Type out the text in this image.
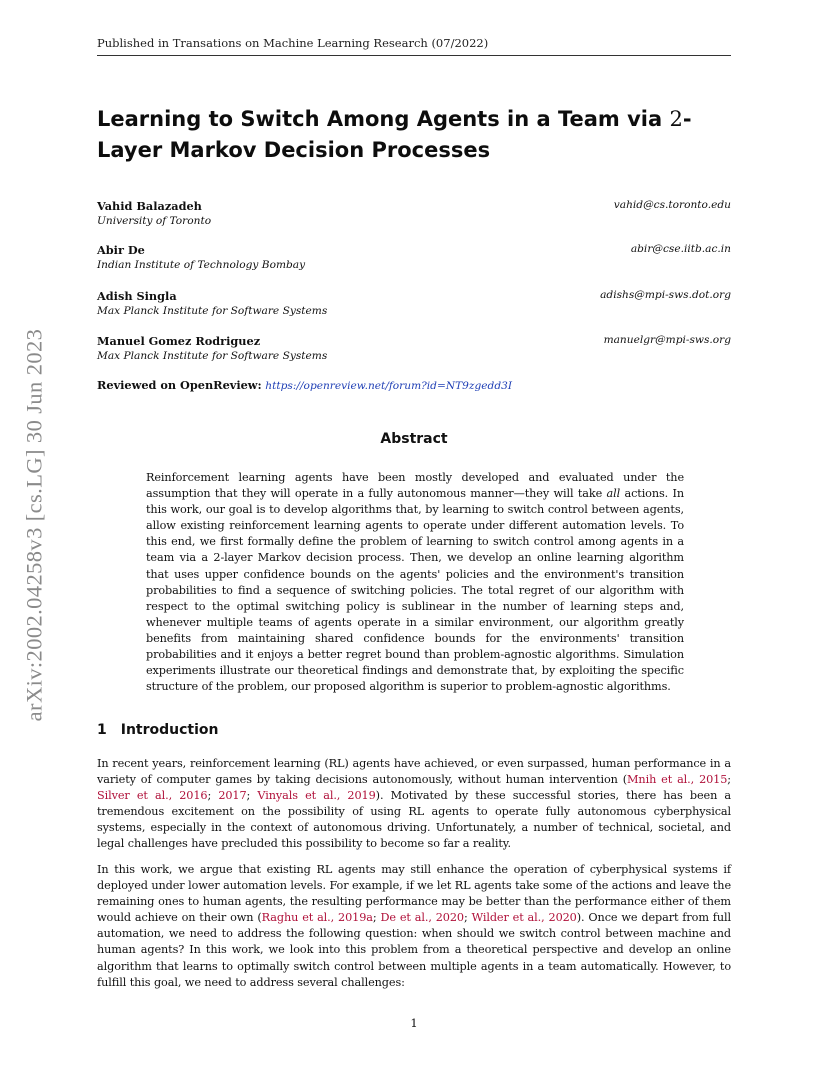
arXiv:2002.04258v3 [cs.LG] 30 Jun 2023
Published in Transations on Machine Learning Research (07/2022)
Learning to Switch Among Agents in a Team via 2-Layer Markov Decision Processes
Vahid Balazadeh
University of Toronto
vahid@cs.toronto.edu
Abir De
Indian Institute of Technology Bombay
abir@cse.iitb.ac.in
Adish Singla
Max Planck Institute for Software Systems
adishs@mpi-sws.dot.org
Manuel Gomez Rodriguez
Max Planck Institute for Software Systems
manuelgr@mpi-sws.org
Reviewed on OpenReview: https://openreview.net/forum?id=NT9zgedd3I
Abstract
Reinforcement learning agents have been mostly developed and evaluated under the assumption that they will operate in a fully autonomous manner—they will take all actions. In this work, our goal is to develop algorithms that, by learning to switch control between agents, allow existing reinforcement learning agents to operate under different automation levels. To this end, we first formally define the problem of learning to switch control among agents in a team via a 2-layer Markov decision process. Then, we develop an online learning algorithm that uses upper confidence bounds on the agents' policies and the environment's transition probabilities to find a sequence of switching policies. The total regret of our algorithm with respect to the optimal switching policy is sublinear in the number of learning steps and, whenever multiple teams of agents operate in a similar environment, our algorithm greatly benefits from maintaining shared confidence bounds for the environments' transition probabilities and it enjoys a better regret bound than problem-agnostic algorithms. Simulation experiments illustrate our theoretical findings and demonstrate that, by exploiting the specific structure of the problem, our proposed algorithm is superior to problem-agnostic algorithms.
1 Introduction
In recent years, reinforcement learning (RL) agents have achieved, or even surpassed, human performance in a variety of computer games by taking decisions autonomously, without human intervention (Mnih et al., 2015; Silver et al., 2016; 2017; Vinyals et al., 2019). Motivated by these successful stories, there has been a tremendous excitement on the possibility of using RL agents to operate fully autonomous cyberphysical systems, especially in the context of autonomous driving. Unfortunately, a number of technical, societal, and legal challenges have precluded this possibility to become so far a reality.
In this work, we argue that existing RL agents may still enhance the operation of cyberphysical systems if deployed under lower automation levels. For example, if we let RL agents take some of the actions and leave the remaining ones to human agents, the resulting performance may be better than the performance either of them would achieve on their own (Raghu et al., 2019a; De et al., 2020; Wilder et al., 2020). Once we depart from full automation, we need to address the following question: when should we switch control between machine and human agents? In this work, we look into this problem from a theoretical perspective and develop an online algorithm that learns to optimally switch control between multiple agents in a team automatically. However, to fulfill this goal, we need to address several challenges:
1
